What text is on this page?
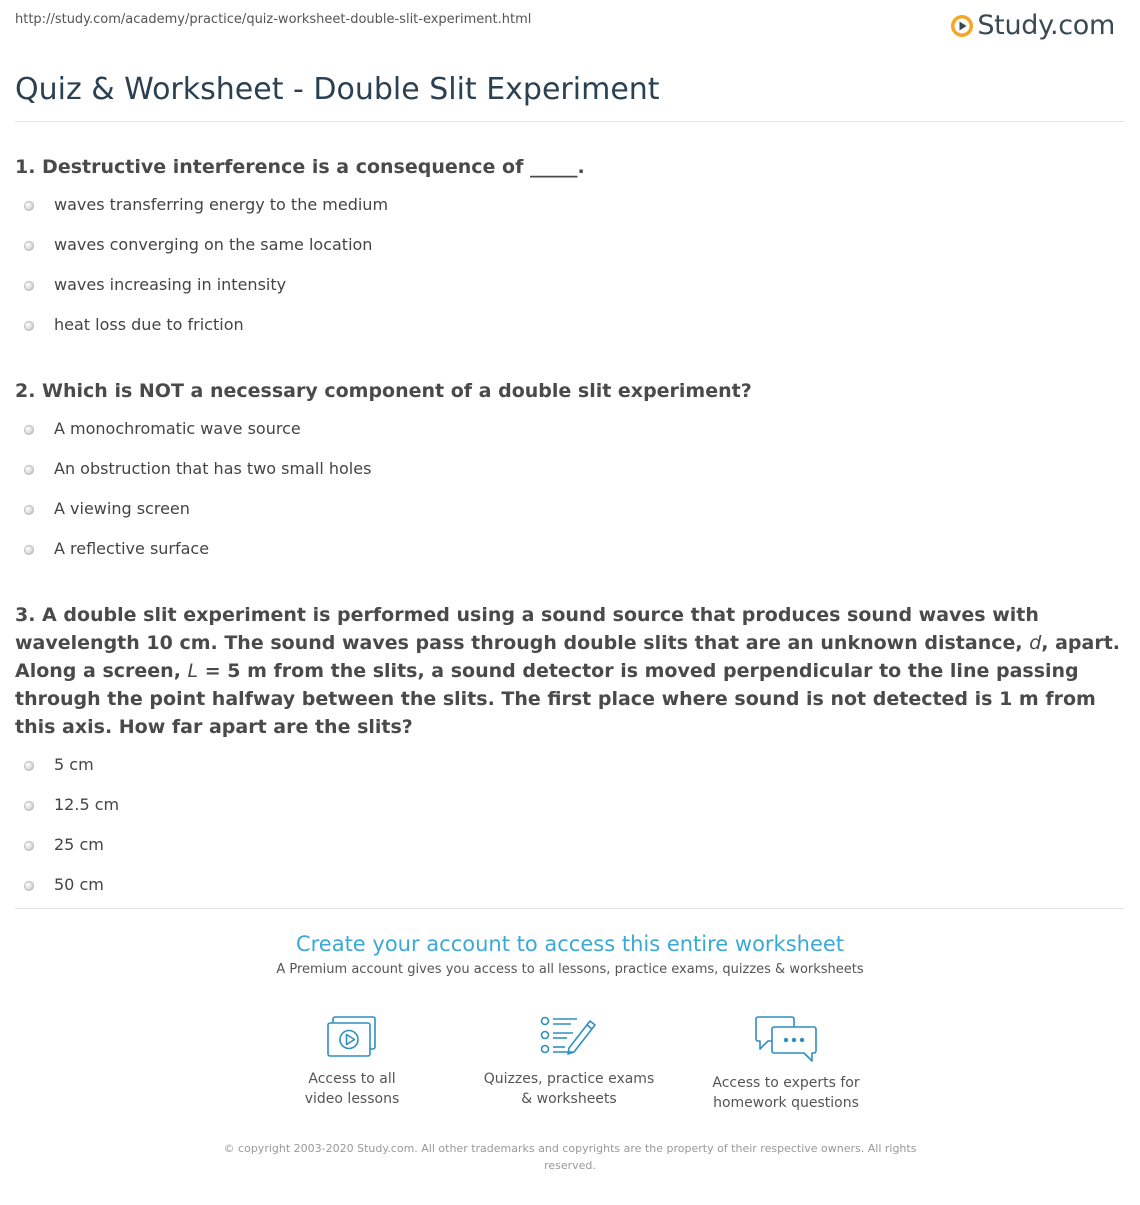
http://study.com/academy/practice/quiz-worksheet-double-slit-experiment.html	Study.com
Quiz & Worksheet - Double Slit Experiment
1. Destructive interference is a consequence of _____.
waves transferring energy to the medium
waves converging on the same location
waves increasing in intensity
heat loss due to friction
2. Which is NOT a necessary component of a double slit experiment?
A monochromatic wave source
An obstruction that has two small holes
A viewing screen
A reflective surface
3. A double slit experiment is performed using a sound source that produces sound waves with wavelength 10 cm. The sound waves pass through double slits that are an unknown distance, d, apart. Along a screen, L = 5 m from the slits, a sound detector is moved perpendicular to the line passing through the point halfway between the slits. The first place where sound is not detected is 1 m from this axis. How far apart are the slits?
5 cm
12.5 cm
25 cm
50 cm
Create your account to access this entire worksheet
A Premium account gives you access to all lessons, practice exams, quizzes & worksheets
Access to all
video lessons
Quizzes, practice exams
& worksheets
Access to experts for
homework questions
© copyright 2003-2020 Study.com. All other trademarks and copyrights are the property of their respective owners. All rights reserved.
